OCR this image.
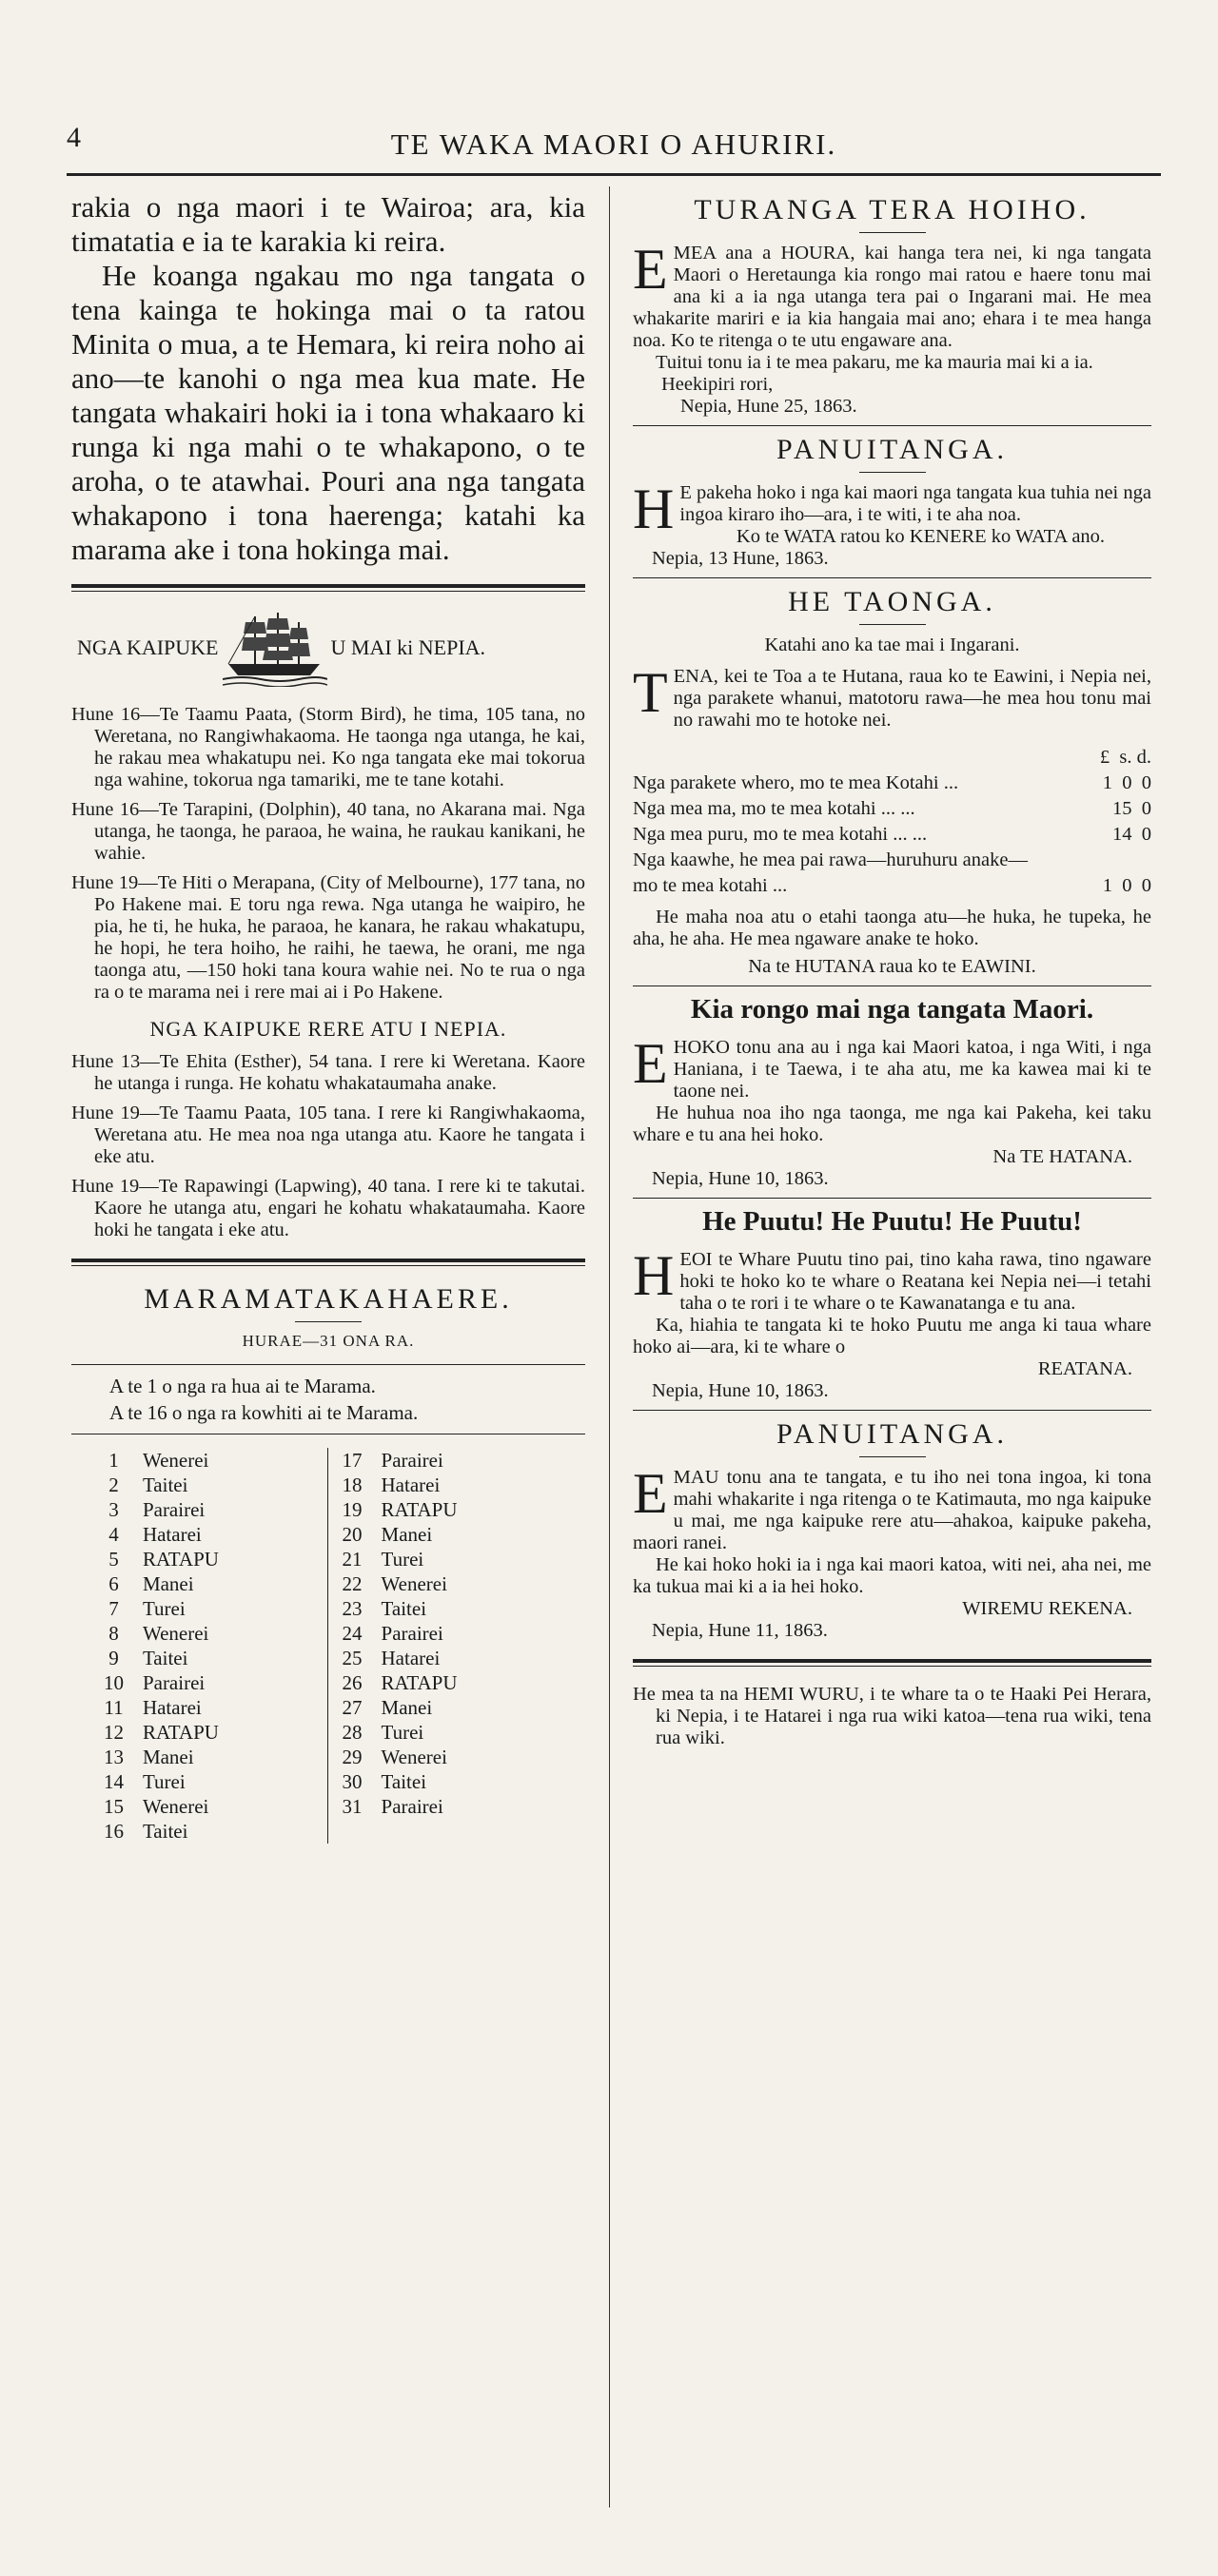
4	TE WAKA MAORI O AHURIRI.

rakia o nga maori i te Wairoa; ara, kia timatatia e ia te karakia ki reira.

He koanga ngakau mo nga tangata o tena kainga te hokinga mai o ta ratou Minita o mua, a te Hemara, ki reira noho ai ano—te kanohi o nga mea kua mate. He tangata whakairi hoki ia i tona whakaaro ki runga ki nga mahi o te whakapono, o te aroha, o te atawhai. Pouri ana nga tangata whakapono i tona haerenga; katahi ka marama ake i tona hokinga mai.

NGA KAIPUKE	U MAI ki NEPIA.

Hune 16—Te Taamu Paata, (Storm Bird), he tima, 105 tana, no Weretana, no Rangiwhakaoma. He taonga nga utanga, he kai, he rakau mea whakatupu nei. Ko nga tangata eke mai tokorua nga wahine, tokorua nga tamariki, me te tane kotahi.

Hune 16—Te Tarapini, (Dolphin), 40 tana, no Akarana mai. Nga utanga, he taonga, he paraoa, he waina, he raukau kanikani, he wahie.

Hune 19—Te Hiti o Merapana, (City of Melbourne), 177 tana, no Po Hakene mai. E toru nga rewa. Nga utanga he waipiro, he pia, he ti, he huka, he paraoa, he kanara, he rakau whakatupu, he hopi, he tera hoiho, he raihi, he taewa, he orani, me nga taonga atu, —150 hoki tana koura wahie nei. No te rua o nga ra o te marama nei i rere mai ai i Po Hakene.

NGA KAIPUKE RERE ATU I NEPIA.

Hune 13—Te Ehita (Esther), 54 tana. I rere ki Weretana. Kaore he utanga i runga. He kohatu whakataumaha anake.

Hune 19—Te Taamu Paata, 105 tana. I rere ki Rangiwhakaoma, Weretana atu. He mea noa nga utanga atu. Kaore he tangata i eke atu.

Hune 19—Te Rapawingi (Lapwing), 40 tana. I rere ki te takutai. Kaore he utanga atu, engari he kohatu whakataumaha. Kaore hoki he tangata i eke atu.

MARAMATAKAHAERE.
HURAE—31 ONA RA.
A te 1 o nga ra hua ai te Marama.
A te 16 o nga ra kowhiti ai te Marama.
1	Wenerei	17	Parairei
2	Taitei	18	Hatarei
3	Parairei	19	RATAPU
4	Hatarei	20	Manei
5	RATAPU	21	Turei
6	Manei	22	Wenerei
7	Turei	23	Taitei
8	Wenerei	24	Parairei
9	Taitei	25	Hatarei
10	Parairei	26	RATAPU
11	Hatarei	27	Manei
12	RATAPU	28	Turei
13	Manei	29	Wenerei
14	Turei	30	Taitei
15	Wenerei	31	Parairei
16	Taitei		
TURANGA TERA HOIHO.
E MEA ana a HOURA, kai hanga tera nei, ki nga tangata Maori o Heretaunga kia rongo mai ratou e haere tonu mai ana ki a ia nga utanga tera pai o Ingarani mai. He mea whakarite mariri e ia kia hangaia mai ano; ehara i te mea hanga noa. Ko te ritenga o te utu engaware ana.

Tuitui tonu ia i te mea pakaru, me ka mauria mai ki a ia.

Heekipiri rori,

Nepia, Hune 25, 1863.

PANUITANGA.
H E pakeha hoko i nga kai maori nga tangata kua tuhia nei nga ingoa kiraro iho—ara, i te witi, i te aha noa.

Ko te WATA ratou ko KENERE ko WATA ano.

Nepia, 13 Hune, 1863.

HE TAONGA.

Katahi ano ka tae mai i Ingarani.

T ENA, kei te Toa a te Hutana, raua ko te Eawini, i Nepia nei, nga parakete whanui, matotoru rawa—he mea hou tonu mai no rawahi mo te hotoke nei.

£  s. d.
Nga parakete whero, mo te mea Kotahi ...	1  0  0
Nga mea ma, mo te mea kotahi ... ...	15  0
Nga mea puru, mo te mea kotahi ... ...	14  0
Nga kaawhe, he mea pai rawa—huruhuru anake—mo te mea kotahi ...	1  0  0

He maha noa atu o etahi taonga atu—he huka, he tupeka, he aha, he aha. He mea ngaware anake te hoko.

Na te HUTANA raua ko te EAWINI.

Kia rongo mai nga tangata Maori.
E HOKO tonu ana au i nga kai Maori katoa, i nga Witi, i nga Haniana, i te Taewa, i te aha atu, me ka kawea mai ki te taone nei.

He huhua noa iho nga taonga, me nga kai Pakeha, kei taku whare e tu ana hei hoko.

Na TE HATANA.

Nepia, Hune 10, 1863.

He Puutu! He Puutu! He Puutu!
H EOI te Whare Puutu tino pai, tino kaha rawa, tino ngaware hoki te hoko ko te whare o Reatana kei Nepia nei—i tetahi taha o te rori i te whare o te Kawanatanga e tu ana.

Ka, hiahia te tangata ki te hoko Puutu me anga ki taua whare hoko ai—ara, ki te whare o

REATANA.

Nepia, Hune 10, 1863.

PANUITANGA.
E MAU tonu ana te tangata, e tu iho nei tona ingoa, ki tona mahi whakarite i nga ritenga o te Katimauta, mo nga kaipuke u mai, me nga kaipuke rere atu—ahakoa, kaipuke pakeha, maori ranei.

He kai hoko hoki ia i nga kai maori katoa, witi nei, aha nei, me ka tukua mai ki a ia hei hoko.

WIREMU REKENA.

Nepia, Hune 11, 1863.

He mea ta na HEMI WURU, i te whare ta o te Haaki Pei Herara, ki Nepia, i te Hatarei i nga rua wiki katoa—tena rua wiki, tena rua wiki.
